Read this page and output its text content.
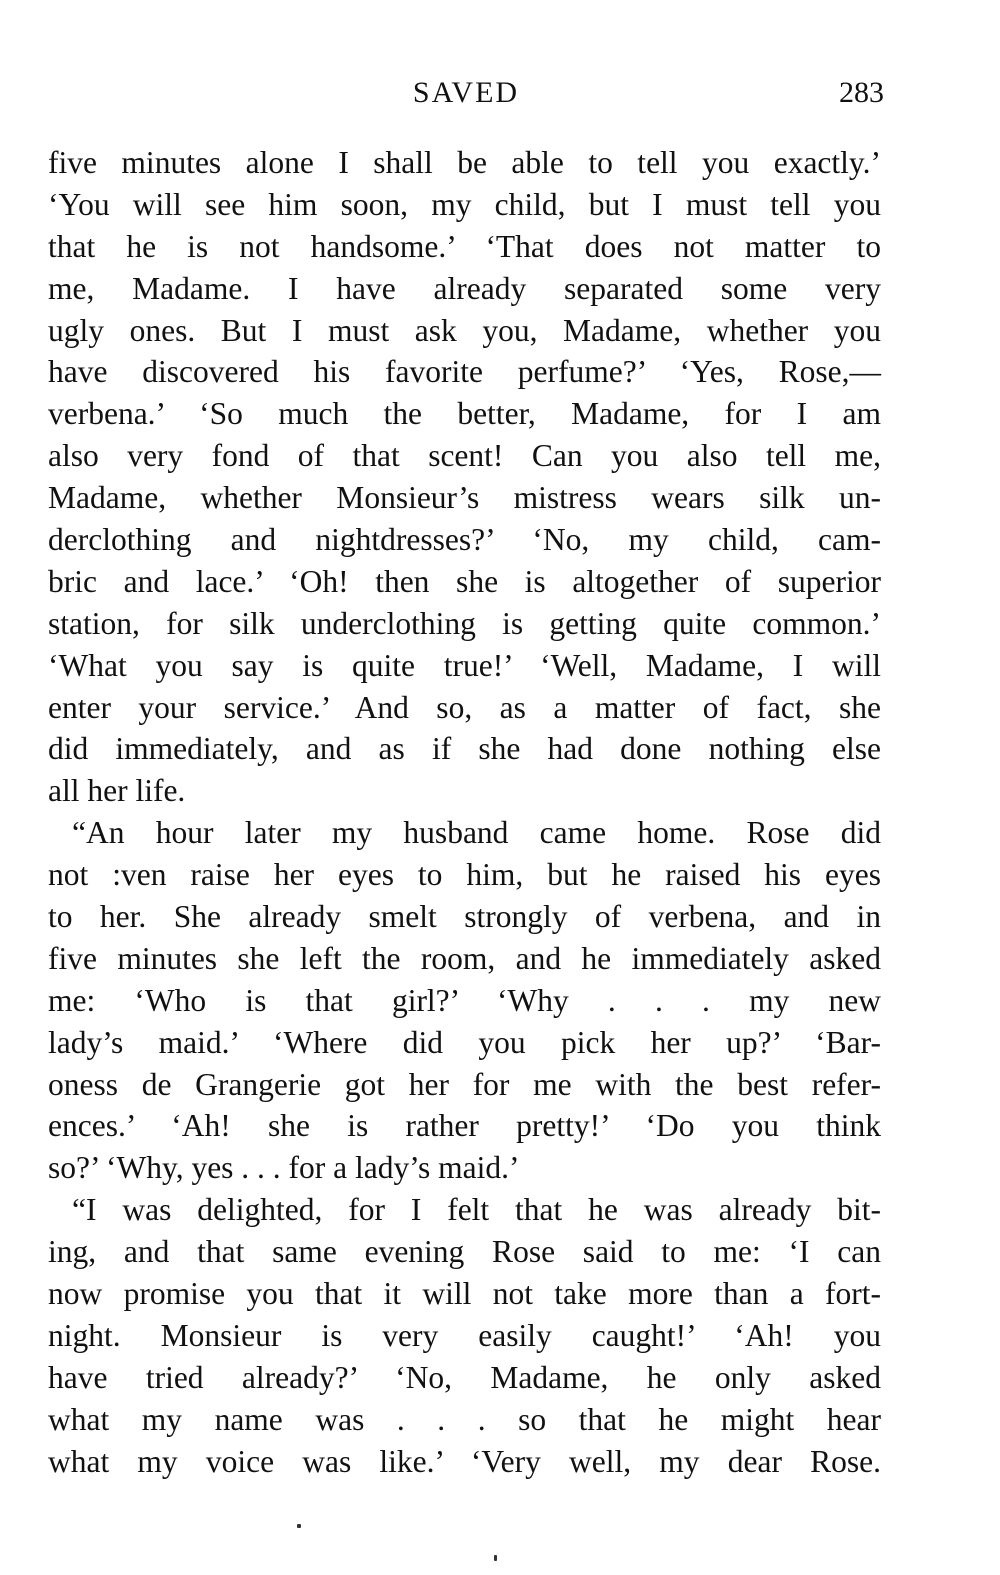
SAVED	283
five minutes alone I shall be able to tell you exactly.’
‘You will see him soon, my child, but I must tell you
that he is not handsome.’ ‘That does not matter to
me, Madame. I have already separated some very
ugly ones. But I must ask you, Madame, whether you
have discovered his favorite perfume?’ ‘Yes, Rose,—
verbena.’ ‘So much the better, Madame, for I am
also very fond of that scent! Can you also tell me,
Madame, whether Monsieur’s mistress wears silk un-
derclothing and nightdresses?’ ‘No, my child, cam-
bric and lace.’ ‘Oh! then she is altogether of superior
station, for silk underclothing is getting quite common.’
‘What you say is quite true!’ ‘Well, Madame, I will
enter your service.’ And so, as a matter of fact, she
did immediately, and as if she had done nothing else
all her life.
“An hour later my husband came home. Rose did
not :ven raise her eyes to him, but he raised his eyes
to her. She already smelt strongly of verbena, and in
five minutes she left the room, and he immediately asked
me: ‘Who is that girl?’ ‘Why . . . my new
lady’s maid.’ ‘Where did you pick her up?’ ‘Bar-
oness de Grangerie got her for me with the best refer-
ences.’ ‘Ah! she is rather pretty!’ ‘Do you think
so?’ ‘Why, yes . . . for a lady’s maid.’
“I was delighted, for I felt that he was already bit-
ing, and that same evening Rose said to me: ‘I can
now promise you that it will not take more than a fort-
night. Monsieur is very easily caught!’ ‘Ah! you
have tried already?’ ‘No, Madame, he only asked
what my name was . . . so that he might hear
what my voice was like.’ ‘Very well, my dear Rose.
